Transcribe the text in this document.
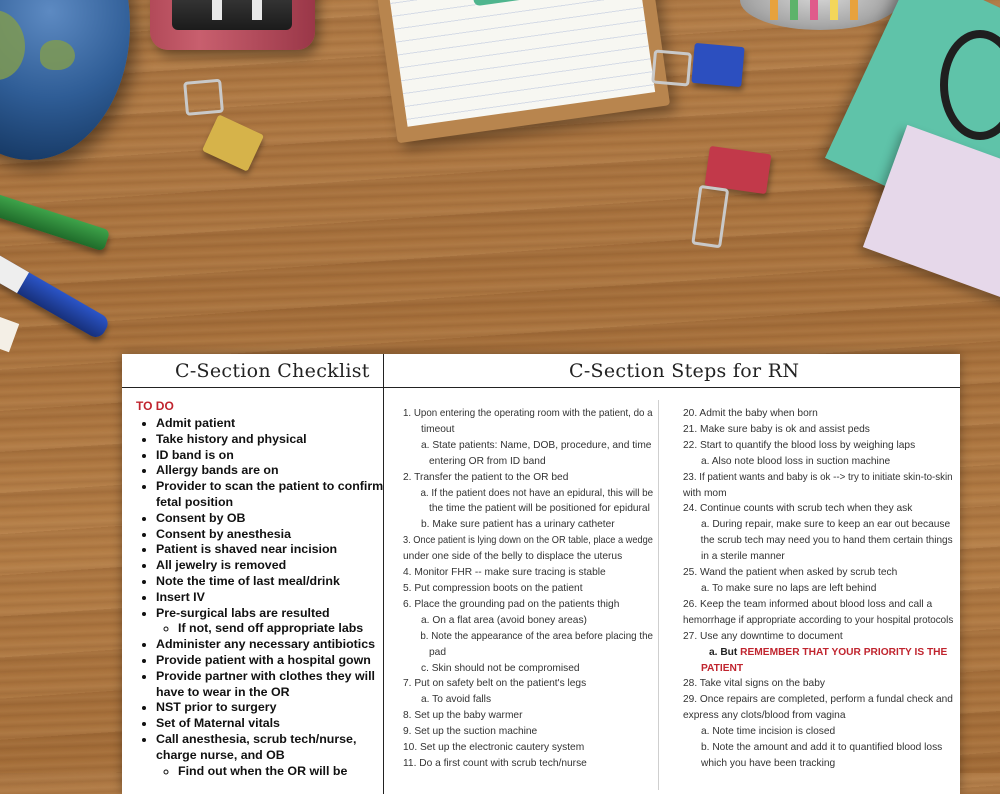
C-Section Checklist	C-Section Steps for RN
TO DO
• Admit patient
• Take history and physical
• ID band is on
• Allergy bands are on
• Provider to scan the patient to confirm fetal position
• Consent by OB
• Consent by anesthesia
• Patient is shaved near incision
• All jewelry is removed
• Note the time of last meal/drink
• Insert IV
• Pre-surgical labs are resulted
◦ If not, send off appropriate labs
• Administer any necessary antibiotics
• Provide patient with a hospital gown
• Provide partner with clothes they will have to wear in the OR
• NST prior to surgery
• Set of Maternal vitals
• Call anesthesia, scrub tech/nurse, charge nurse, and OB
◦ Find out when the OR will be
1. Upon entering the operating room with the patient, do a
timeout
a. State patients: Name, DOB, procedure, and time
entering OR from ID band
2. Transfer the patient to the OR bed
a. If the patient does not have an epidural, this will be
the time the patient will be positioned for epidural
b. Make sure patient has a urinary catheter
3. Once patient is lying down on the OR table, place a wedge
under one side of the belly to displace the uterus
4. Monitor FHR -- make sure tracing is stable
5. Put compression boots on the patient
6. Place the grounding pad on the patients thigh
a. On a flat area (avoid boney areas)
b. Note the appearance of the area before placing the
pad
c. Skin should not be compromised
7. Put on safety belt on the patient's legs
a. To avoid falls
8. Set up the baby warmer
9. Set up the suction machine
10. Set up the electronic cautery system
11. Do a first count with scrub tech/nurse
20. Admit the baby when born
21. Make sure baby is ok and assist peds
22. Start to quantify the blood loss by weighing laps
a. Also note blood loss in suction machine
23. If patient wants and baby is ok --> try to initiate skin-to-skin
with mom
24. Continue counts with scrub tech when they ask
a. During repair, make sure to keep an ear out because
the scrub tech may need you to hand them certain things
in a sterile manner
25. Wand the patient when asked by scrub tech
a. To make sure no laps are left behind
26. Keep the team informed about blood loss and call a
hemorrhage if appropriate according to your hospital protocols
27. Use any downtime to document
a. But REMEMBER THAT YOUR PRIORITY IS THE
PATIENT
28. Take vital signs on the baby
29. Once repairs are completed, perform a fundal check and
express any clots/blood from vagina
a. Note time incision is closed
b. Note the amount and add it to quantified blood loss
which you have been tracking
